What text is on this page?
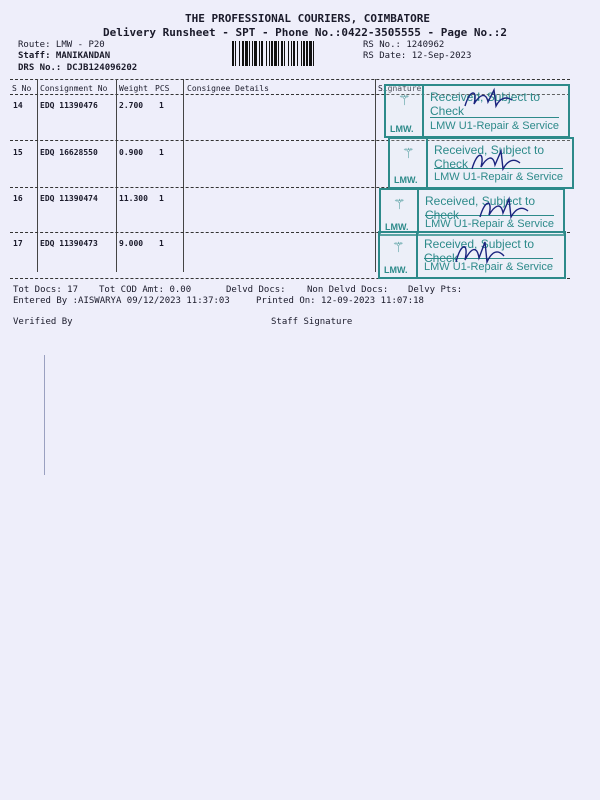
THE PROFESSIONAL COURIERS, COIMBATORE
Delivery Runsheet - SPT - Phone No.:0422-3505555 - Page No.:2
Route: LMW - P20
Staff: MANIKANDAN
DRS No.: DCJB124096202
RS No.: 1240962
RS Date: 12-Sep-2023
S No Consignment No Weight PCS Consignee Details	Signature
14 EDQ 11390476	2.700 1
15 EDQ 16628550	0.900 1
16 EDQ 11390474	11.300 1
17 EDQ 11390473	9.000 1
⚚
LMW.
Received, Subject to Check
LMW U1-Repair & Service
⚚
LMW.
Received, Subject to Check
LMW U1-Repair & Service
⚚
LMW.
Received, Subject to Check
LMW U1-Repair & Service
⚚
LMW.
Received, Subject to Check
LMW U1-Repair & Service
Tot Docs: 17 Tot COD Amt: 0.00	Delvd Docs: Non Delvd Docs: Delvy Pts:
Entered By :AISWARYA 09/12/2023 11:37:03	Printed On: 12-09-2023 11:07:18
Verified By	Staff Signature
